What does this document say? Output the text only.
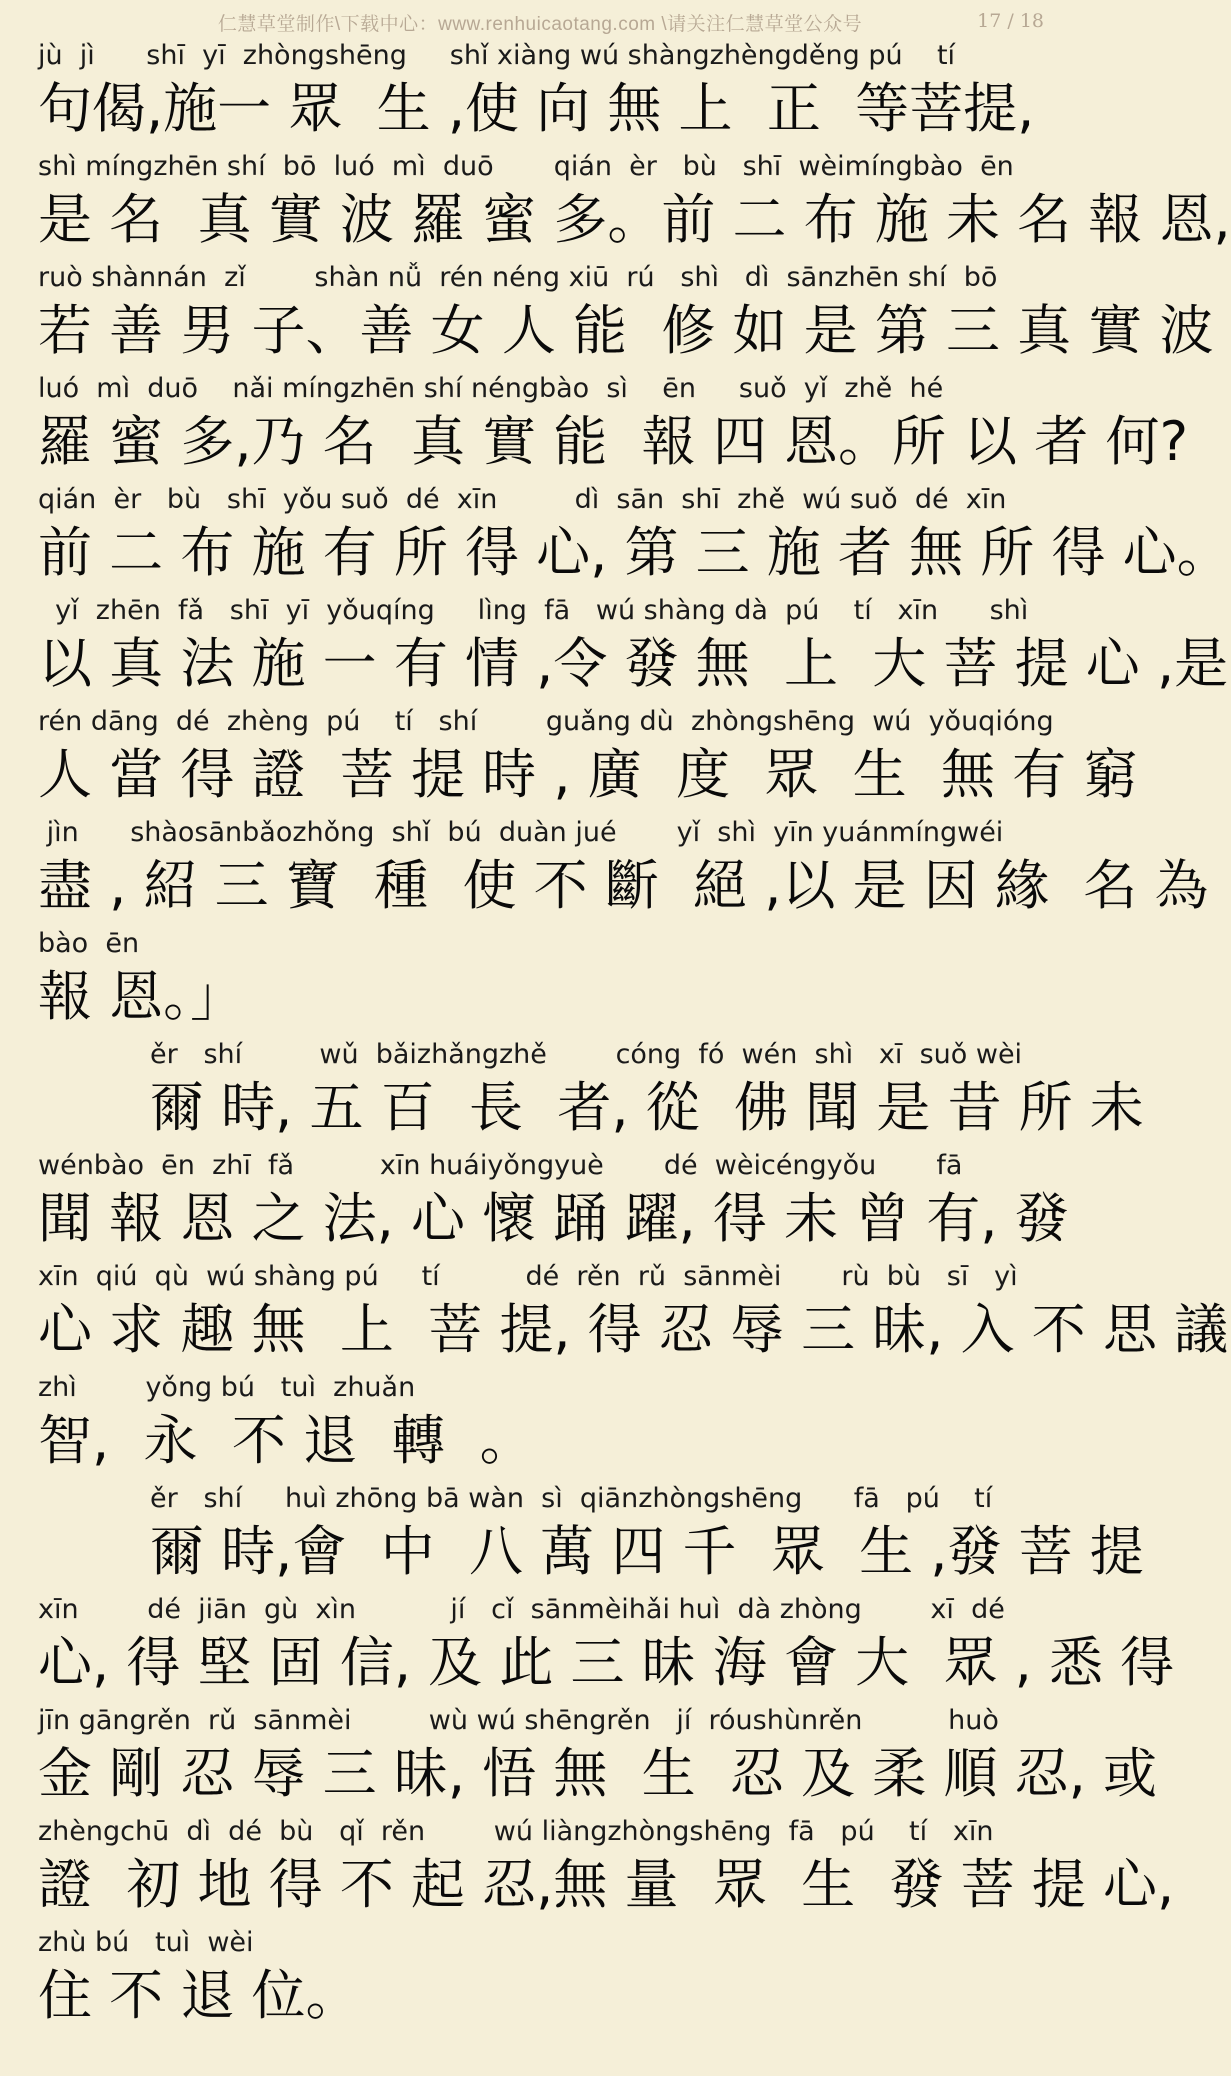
仁慧草堂制作\下载中心：www.renhuicaotang.com \请关注仁慧草堂公众号	17 / 18
jù  jì      shī  yī  zhòngshēng     shǐ xiàng wú shàngzhèngděng pú    tí
句偈,施一 眾  生 ,使 向 無 上  正  等菩提,
shì míngzhēn shí  bō  luó  mì  duō       qián  èr   bù   shī  wèimíngbào  ēn
是 名  真 實 波 羅 蜜 多。前 二 布 施 未 名 報 恩,
ruò shànnán  zǐ        shàn nǚ  rén néng xiū  rú   shì   dì  sānzhēn shí  bō
若 善 男 子、善 女 人 能  修 如 是 第 三 真 實 波
luó  mì  duō    nǎi míngzhēn shí néngbào  sì    ēn     suǒ  yǐ  zhě  hé
羅 蜜 多,乃 名  真 實 能  報 四 恩。所 以 者 何?
qián  èr   bù   shī  yǒu suǒ  dé  xīn         dì  sān  shī  zhě  wú suǒ  dé  xīn
前 二 布 施 有 所 得 心, 第 三 施 者 無 所 得 心。
yǐ  zhēn  fǎ   shī  yī  yǒuqíng     lìng  fā   wú shàng dà  pú    tí   xīn      shì
以 真 法 施 一 有 情 ,令 發 無  上  大 菩 提 心 ,是
rén dāng  dé  zhèng  pú    tí   shí        guǎng dù  zhòngshēng  wú  yǒuqióng
人 當 得 證  菩 提 時 , 廣  度  眾  生  無 有 窮
jìn      shàosānbǎozhǒng  shǐ  bú  duàn jué       yǐ  shì  yīn yuánmíngwéi
盡 , 紹 三 寶  種  使 不 斷  絕 ,以 是 因 緣  名 為
bào  ēn
報 恩。」
ěr   shí         wǔ  bǎizhǎngzhě        cóng  fó  wén  shì   xī  suǒ wèi
爾 時, 五 百  長  者, 從  佛 聞 是 昔 所 未
wénbào  ēn  zhī  fǎ          xīn huáiyǒngyuè       dé  wèicéngyǒu       fā
聞 報 恩 之 法, 心 懷 踊 躍, 得 未 曾 有, 發
xīn  qiú  qù  wú shàng pú     tí          dé  rěn  rǔ  sānmèi       rù  bù   sī   yì
心 求 趣 無  上  菩 提, 得 忍 辱 三 昧, 入 不 思 議
zhì        yǒng bú   tuì  zhuǎn
智,  永  不 退  轉  。
ěr   shí     huì zhōng bā wàn  sì  qiānzhòngshēng      fā   pú    tí
爾 時,會  中  八 萬 四 千  眾  生 ,發 菩 提
xīn        dé  jiān  gù  xìn           jí   cǐ  sānmèihǎi huì  dà zhòng        xī  dé
心, 得 堅 固 信, 及 此 三 昧 海 會 大  眾 , 悉 得
jīn gāngrěn  rǔ  sānmèi         wù wú shēngrěn   jí  róushùnrěn          huò
金 剛 忍 辱 三 昧, 悟 無  生  忍 及 柔 順 忍, 或
zhèngchū  dì  dé  bù   qǐ  rěn        wú liàngzhòngshēng  fā   pú    tí   xīn
證  初 地 得 不 起 忍,無 量  眾  生  發 菩 提 心,
zhù bú   tuì  wèi
住 不 退 位。
